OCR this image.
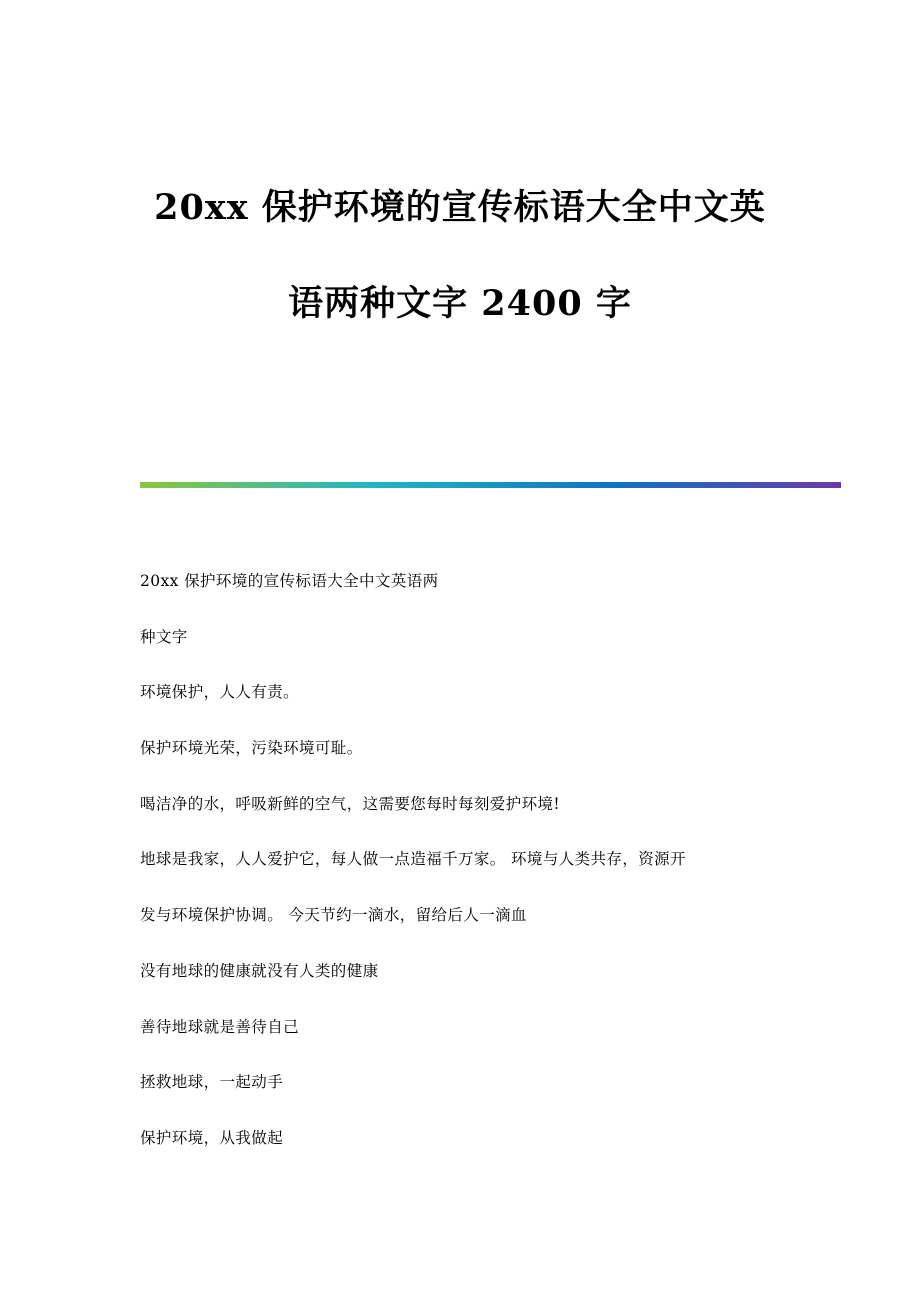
20xx 保护环境的宣传标语大全中文英
语两种文字 2400 字
20xx 保护环境的宣传标语大全中文英语两
种文字
环境保护，人人有责。
保护环境光荣，污染环境可耻。
喝洁净的水，呼吸新鲜的空气，这需要您每时每刻爱护环境!
地球是我家，人人爱护它，每人做一点造福千万家。 环境与人类共存，资源开
发与环境保护协调。 今天节约一滴水，留给后人一滴血
没有地球的健康就没有人类的健康
善待地球就是善待自己
拯救地球，一起动手
保护环境，从我做起
